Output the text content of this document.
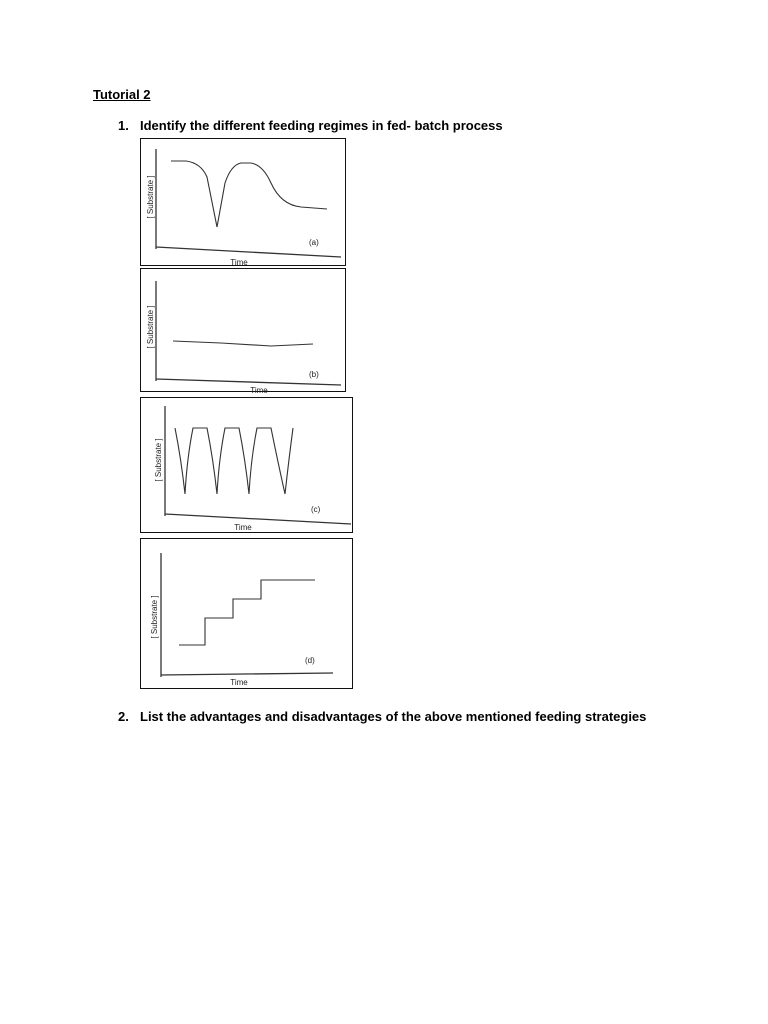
Tutorial 2
1. Identify the different feeding regimes in fed- batch process
[ Substrate ]
Time
(a)
[ Substrate ]
Time
(b)
[ Substrate ]
Time
(c)
[ Substrate ]
Time
(d)
2. List the advantages and disadvantages of the above mentioned feeding strategies
